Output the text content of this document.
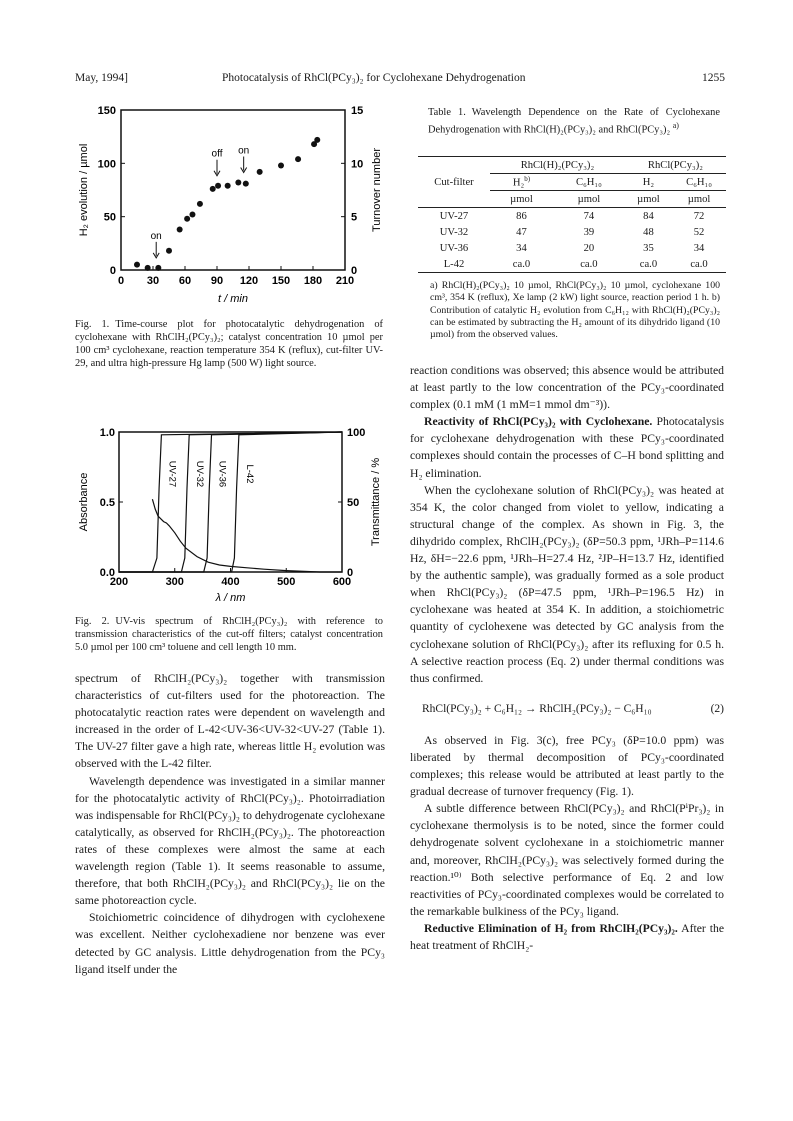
May, 1994]	Photocatalysis of RhCl(PCy₃)₂ for Cyclohexane Dehydrogenation	1255
0 30 60 90 120 150 180 210
0
50
100
150
0
5
10
15
on
off on
t / min
H₂ evolution / µmol	Turnover number
Fig. 1. Time-course plot for photocatalytic dehydrogenation of cyclohexane with RhClH₂(PCy₃)₂; catalyst concentration 10 µmol per 100 cm³ cyclohexane, reaction temperature 354 K (reflux), cut-filter UV-29, and ultra high-pressure Hg lamp (500 W) light source.
200	300	400	500	600
0.0
0.5
1.0
0
50
100
UV-27 UV-32 UV-36 L-42
λ / nm
Absorbance	Transmittance / %
Fig. 2. UV-vis spectrum of RhClH₂(PCy₃)₂ with reference to transmission characteristics of the cut-off filters; catalyst concentration 5.0 µmol per 100 cm³ toluene and cell length 10 mm.

spectrum of RhClH₂(PCy₃)₂ together with transmission characteristics of cut-filters used for the photoreaction. The photocatalytic reaction rates were dependent on wavelength and increased in the order of L-42<UV-36<UV-32<UV-27 (Table 1). The UV-27 filter gave a high rate, whereas little H₂ evolution was observed with the L-42 filter.

Wavelength dependence was investigated in a similar manner for the photocatalytic activity of RhCl(PCy₃)₂. Photoirradiation was indispensable for RhCl(PCy₃)₂ to dehydrogenate cyclohexane catalytically, as observed for RhClH₂(PCy₃)₂. The photoreaction rates of these complexes were almost the same at each wavelength region (Table 1). It seems reasonable to assume, therefore, that both RhClH₂(PCy₃)₂ and RhCl(PCy₃)₂ lie on the same photoreaction cycle.

Stoichiometric coincidence of dihydrogen with cyclohexene was excellent. Neither cyclohexadiene nor benzene was ever detected by GC analysis. Little dehydrogenation from the PCy₃ ligand itself under the

Table 1. Wavelength Dependence on the Rate of Cyclohexane Dehydrogenation with RhCl(H)₂(PCy₃)₂ and RhCl(PCy₃)₂ $^{a)}$
Cut-filter	RhCl(H)₂(PCy₃)₂		RhCl(PCy₃)₂	
	H₂$^{b)}$	C₆H₁₀	H₂	C₆H₁₀
	µmol	µmol	µmol	µmol
UV-27	86	74	84	72
UV-32	47	39	48	52
UV-36	34	20	35	34
L-42	ca.0	ca.0	ca.0	ca.0
a) RhCl(H)₂(PCy₃)₂ 10 µmol, RhCl(PCy₃)₂ 10 µmol, cyclohexane 100 cm³, 354 K (reflux), Xe lamp (2 kW) light source, reaction period 1 h. b) Contribution of catalytic H₂ evolution from C₆H₁₂ with RhCl(H)₂(PCy₃)₂ can be estimated by subtracting the H₂ amount of its dihydrido ligand (10 µmol) from the observed values.

reaction conditions was observed; this absence would be attributed at least partly to the low concentration of the PCy₃-coordinated complex (0.1 mM (1 mM=1 mmol dm⁻³)).

Reactivity of RhCl(PCy₃)₂ with Cyclohexane. Photocatalysis for cyclohexane dehydrogenation with these PCy₃-coordinated complexes should contain the processes of C–H bond splitting and H₂ elimination.

When the cyclohexane solution of RhCl(PCy₃)₂ was heated at 354 K, the color changed from violet to yellow, indicating a structural change of the complex. As shown in Fig. 3, the dihydrido complex, RhClH₂(PCy₃)₂ (δP=50.3 ppm, ¹JRh–P=114.6 Hz, δH=−22.6 ppm, ¹JRh–H=27.4 Hz, ²JP–H=13.7 Hz, identified by the authentic sample), was gradually formed as a sole product when RhCl(PCy₃)₂ (δP=47.5 ppm, ¹JRh–P=196.5 Hz) in cyclohexane was heated at 354 K. In addition, a stoichiometric quantity of cyclohexene was detected by GC analysis from the cyclohexane solution of RhCl(PCy₃)₂ after its refluxing for 0.5 h. A selective reaction process (Eq. 2) under thermal conditions was thus confirmed.

RhCl(PCy₃)₂ + C₆H₁₂ → RhClH₂(PCy₃)₂ − C₆H₁₀	(2)

As observed in Fig. 3(c), free PCy₃ (δP=10.0 ppm) was liberated by thermal decomposition of PCy₃-coordinated complexes; this release would be attributed at least partly to the gradual decrease of turnover frequency (Fig. 1).

A subtle difference between RhCl(PCy₃)₂ and RhCl(PⁱPr₃)₂ in cyclohexane thermolysis is to be noted, since the former could dehydrogenate solvent cyclohexane in a stoichiometric manner and, moreover, RhClH₂(PCy₃)₂ was selectively formed during the reaction.¹⁰⁾ Both selective performance of Eq. 2 and low reactivities of PCy₃-coordinated complexes would be correlated to the remarkable bulkiness of the PCy₃ ligand.

Reductive Elimination of H₂ from RhClH₂(PCy₃)₂. After the heat treatment of RhClH₂-
